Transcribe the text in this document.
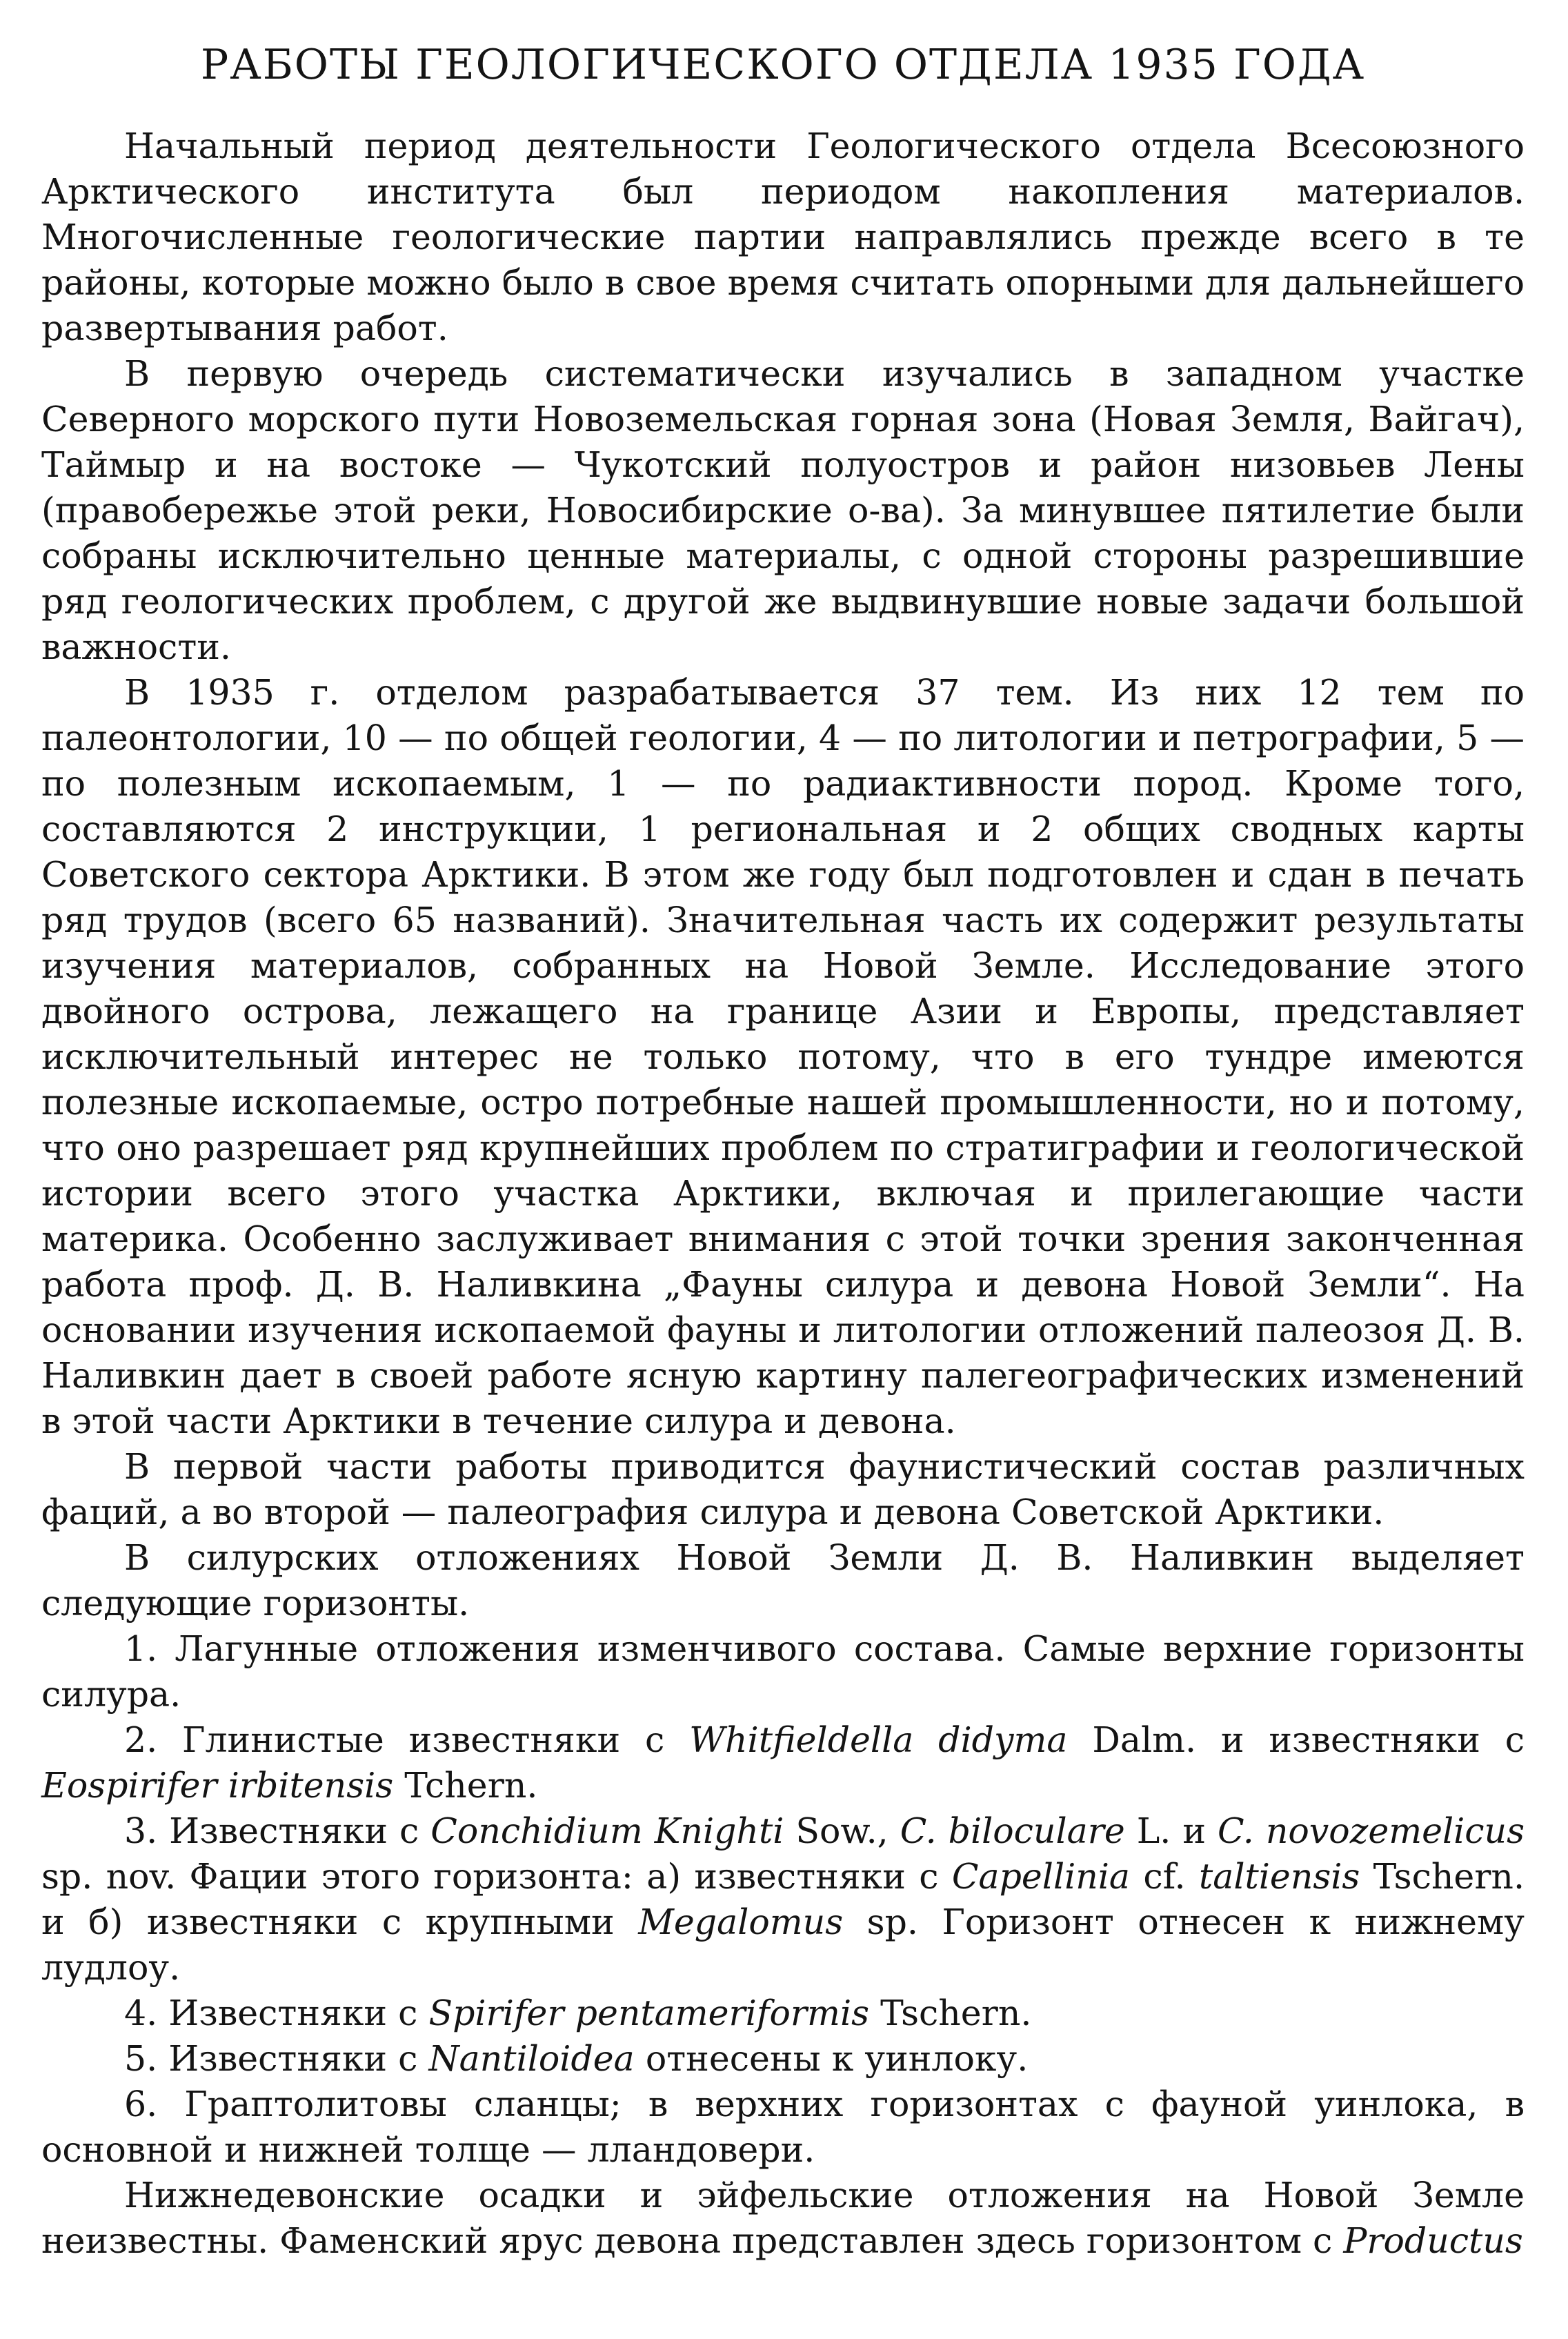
РАБОТЫ ГЕОЛОГИЧЕСКОГО ОТДЕЛА 1935 ГОДА

Начальный период деятельности Геологического отдела Всесоюзного Арктического института был периодом накопления материалов. Многочисленные геологические партии направлялись прежде всего в те районы, которые можно было в свое время считать опорными для дальнейшего развертывания работ.

В первую очередь систематически изучались в западном участке Северного морского пути Новоземельская горная зона (Новая Земля, Вайгач), Таймыр и на востоке — Чукотский полуостров и район низовьев Лены (правобережье этой реки, Новосибирские о-ва). За минувшее пятилетие были собраны исключительно ценные материалы, с одной стороны разрешившие ряд геологических проблем, с другой же выдвинувшие новые задачи большой важности.

В 1935 г. отделом разрабатывается 37 тем. Из них 12 тем по палеонтологии, 10 — по общей геологии, 4 — по литологии и петрографии, 5 — по полезным ископаемым, 1 — по радиактивности пород. Кроме того, составляются 2 инструкции, 1 региональная и 2 общих сводных карты Советского сектора Арктики. В этом же году был подготовлен и сдан в печать ряд трудов (всего 65 названий). Значительная часть их содержит результаты изучения материалов, собранных на Новой Земле. Исследование этого двойного острова, лежащего на границе Азии и Европы, представляет исключительный интерес не только потому, что в его тундре имеются полезные ископаемые, остро потребные нашей промышленности, но и потому, что оно разрешает ряд крупнейших проблем по стратиграфии и геологической истории всего этого участка Арктики, включая и прилегающие части материка. Особенно заслуживает внимания с этой точки зрения законченная работа проф. Д. В. Наливкина „Фауны силура и девона Новой Земли“. На основании изучения ископаемой фауны и литологии отложений палеозоя Д. В. Наливкин дает в своей работе ясную картину палегеографических изменений в этой части Арктики в течение силура и девона.

В первой части работы приводится фаунистический состав различных фаций, а во второй — палеография силура и девона Советской Арктики.

В силурских отложениях Новой Земли Д. В. Наливкин выделяет следующие горизонты.

1. Лагунные отложения изменчивого состава. Самые верхние горизонты силура.

2. Глинистые известняки с Whitfieldella didyma Dalm. и известняки с Eospirifer irbitensis Tchern.

3. Известняки с Conchidium Knighti Sow., C. biloculare L. и C. novozemelicus sp. nov. Фации этого горизонта: а) известняки с Capellinia cf. taltiensis Tschern. и б) известняки с крупными Megalomus sp. Горизонт отнесен к нижнему лудлоу.

4. Известняки с Spirifer pentameriformis Tschern.

5. Известняки с Nantiloidea отнесены к уинлоку.

6. Граптолитовы сланцы; в верхних горизонтах с фауной уинлока, в основной и нижней толще — лландовери.

Нижнедевонские осадки и эйфельские отложения на Новой Земле неизвестны. Фаменский ярус девона представлен здесь горизонтом с Productus
